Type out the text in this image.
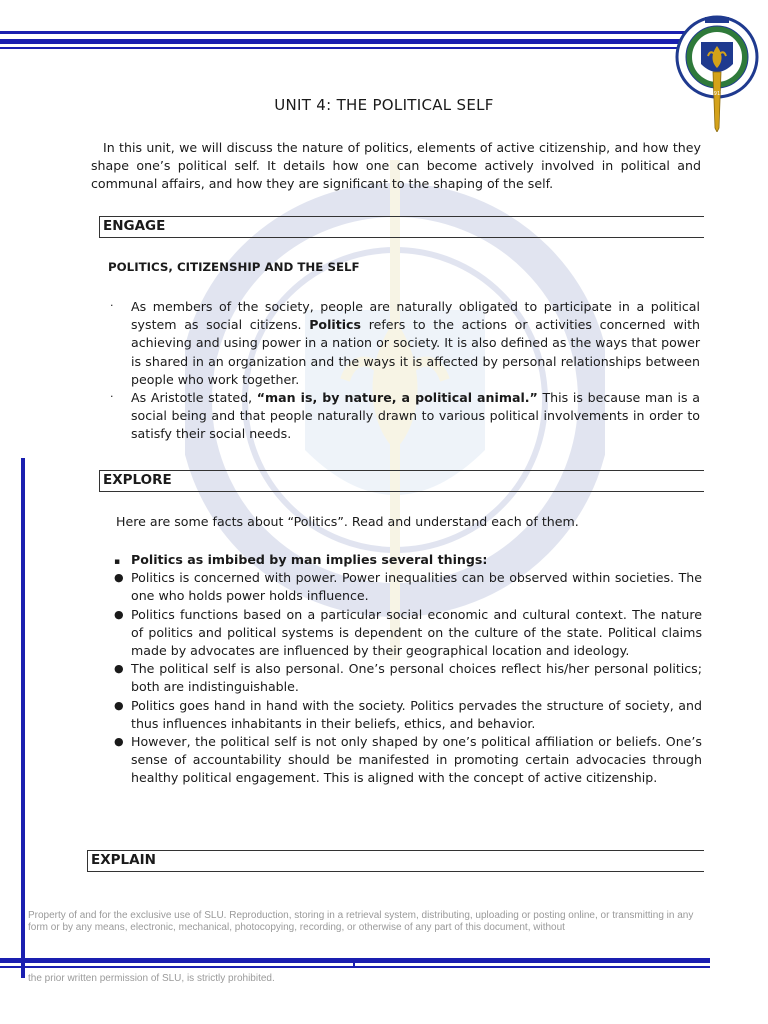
1911
UNIT 4: THE POLITICAL SELF
In this unit, we will discuss the nature of politics, elements of active citizenship, and how they shape one’s political self. It details how one can become actively involved in political and communal affairs, and how they are significant to the shaping of the self.
ENGAGE
POLITICS, CITIZENSHIP AND THE SELF
· As members of the society, people are naturally obligated to participate in a political system as social citizens. Politics refers to the actions or activities concerned with achieving and using power in a nation or society. It is also defined as the ways that power is shared in an organization and the ways it is affected by personal relationships between people who work together.
· As Aristotle stated, “man is, by nature, a political animal.” This is because man is a social being and that people naturally drawn to various political involvements in order to satisfy their social needs.
EXPLORE
Here are some facts about “Politics”. Read and understand each of them.
▪ Politics as imbibed by man implies several things:
● Politics is concerned with power. Power inequalities can be observed within societies. The one who holds power holds influence.
● Politics functions based on a particular social economic and cultural context. The nature of politics and political systems is dependent on the culture of the state. Political claims made by advocates are influenced by their geographical location and ideology.
● The political self is also personal. One’s personal choices reflect his/her personal politics; both are indistinguishable.
● Politics goes hand in hand with the society. Politics pervades the structure of society, and thus influences inhabitants in their beliefs, ethics, and behavior.
● However, the political self is not only shaped by one’s political affiliation or beliefs. One’s sense of accountability should be manifested in promoting certain advocacies through healthy political engagement. This is aligned with the concept of active citizenship.
EXPLAIN
Property of and for the exclusive use of SLU. Reproduction, storing in a retrieval system, distributing, uploading or posting online, or transmitting in any form or by any means, electronic, mechanical, photocopying, recording, or otherwise of any part of this document, without
the prior written permission of SLU, is strictly prohibited.
